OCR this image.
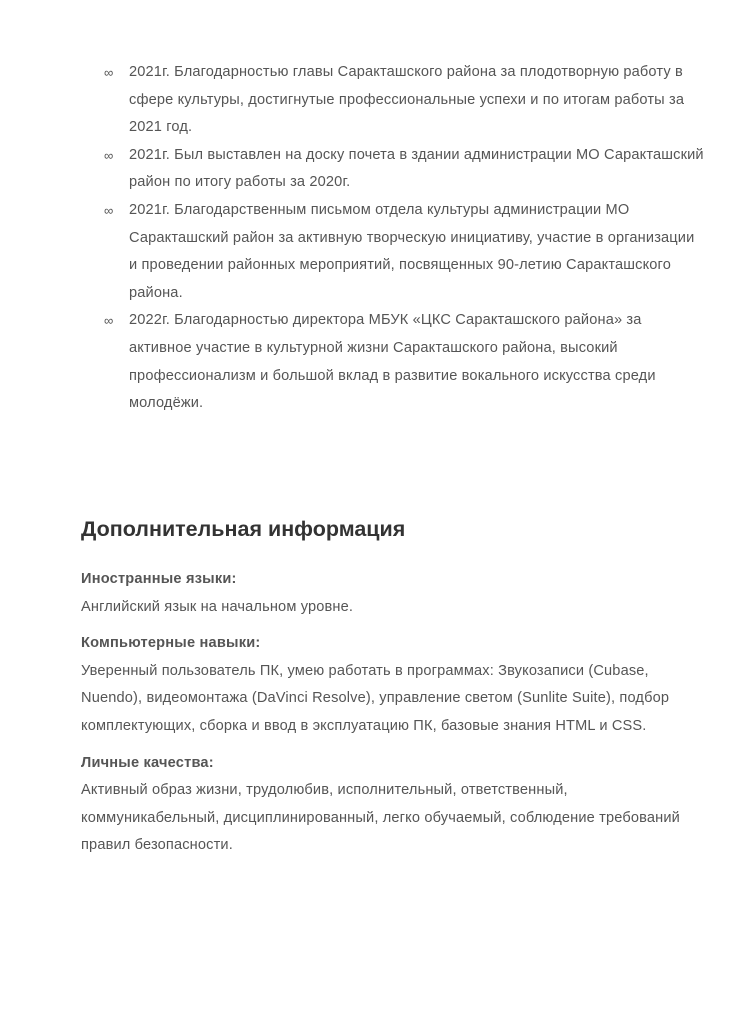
∞	2021г. Благодарностью главы Саракташского района за плодотворную работу в сфере культуры, достигнутые профессиональные успехи и по итогам работы за 2021 год.
∞	2021г. Был выставлен на доску почета в здании администрации МО Саракташский район по итогу работы за 2020г.
∞	2021г. Благодарственным письмом отдела культуры администрации МО Саракташский район за активную творческую инициативу, участие в организации и проведении районных мероприятий, посвященных 90-летию Саракташского района.
∞	2022г. Благодарностью директора МБУК «ЦКС Саракташского района» за активное участие в культурной жизни Саракташского района, высокий профессионализм и большой вклад в развитие вокального искусства среди молодёжи.
Дополнительная информация
Иностранные языки:
Английский язык на начальном уровне.
Компьютерные навыки:
Уверенный пользователь ПК, умею работать в программах: Звукозаписи (Cubase, Nuendo), видеомонтажа (DaVinci Resolve), управление светом (Sunlite Suite), подбор комплектующих, сборка и ввод в эксплуатацию ПК, базовые знания HTML и CSS.
Личные качества:
Активный образ жизни, трудолюбив, исполнительный, ответственный, коммуникабельный, дисциплинированный, легко обучаемый, соблюдение требований правил безопасности.
